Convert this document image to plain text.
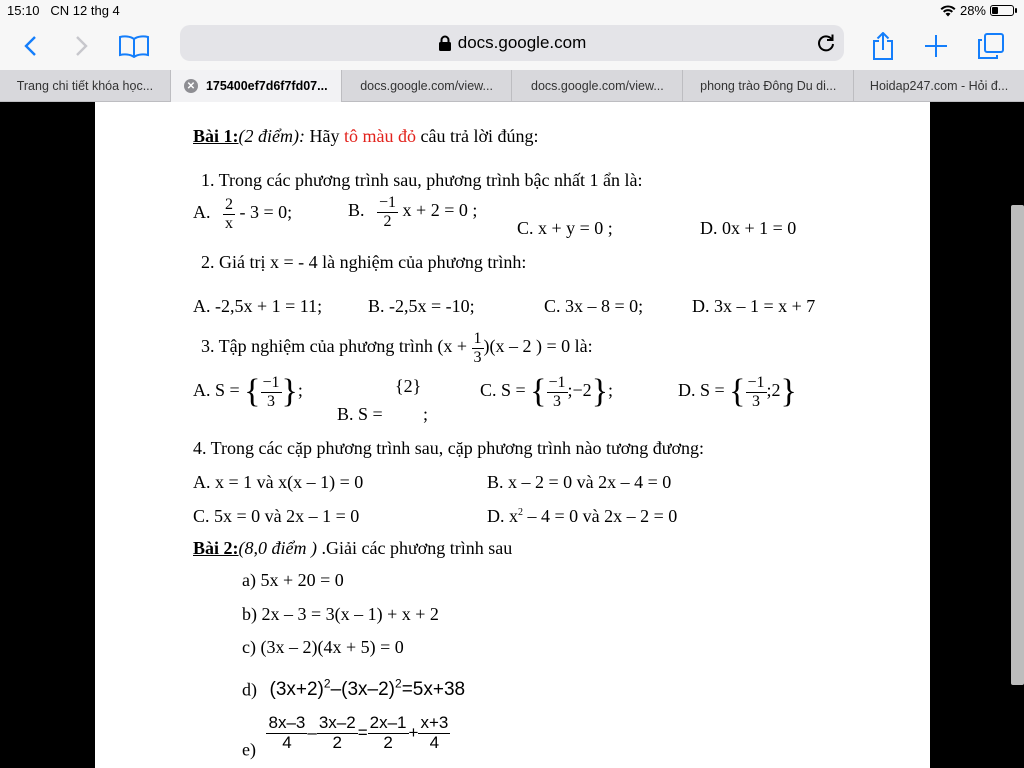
15:10 CN 12 thg 4	28%
docs.google.com
Trang chi tiết khóa học...	✕ 175400ef7d6f7fd07...	docs.google.com/view...	docs.google.com/view...	phong trào Đông Du di...	Hoidap247.com - Hỏi đ...
Bài 1:(2 điểm): Hãy tô màu đỏ câu trả lời đúng:
1. Trong các phương trình sau, phương trình bậc nhất 1 ẩn là:
A. $\frac{2}{x} - 3 = 0$;	B. $\frac{-1}{2}$ x + 2 = 0 ;
C. x + y = 0 ;	D. 0x + 1 = 0
2. Giá trị x = - 4 là nghiệm của phương trình:
A. -2,5x + 1 = 11;	B. -2,5x = -10;	C. 3x – 8 = 0;	D. 3x – 1 = x + 7
3. Tập nghiệm của phương trình $(x + \frac{1}{3} )(x - 2$ ) = 0 là:
A. S = { $\frac{-1}{3}$ };	{2}
B. S = ;
C. S = { $\frac{-1}{3}$ ;−2};	D. S = { $\frac{-1}{3}$ ;2}
4. Trong các cặp phương trình sau, cặp phương trình nào tương đương:
A. x = 1 và x(x – 1) = 0	B. x – 2 = 0 và 2x – 4 = 0
C. 5x = 0 và 2x – 1 = 0	D. $x^2 - 4 = 0$ và 2x – 2 = 0
Bài 2:(8,0 điểm ) .Giải các phương trình sau
a) 5x + 20 = 0
b) 2x – 3 = 3(x – 1) + x + 2
c) (3x – 2)(4x + 5) = 0
d) $(3x+2)^2-(3x-2)^2=5x+38$
$e) \frac{8x-3}{4} - \frac{3x-2}{2} = \frac{2x-1}{2} + \frac{x+3}{4}$
